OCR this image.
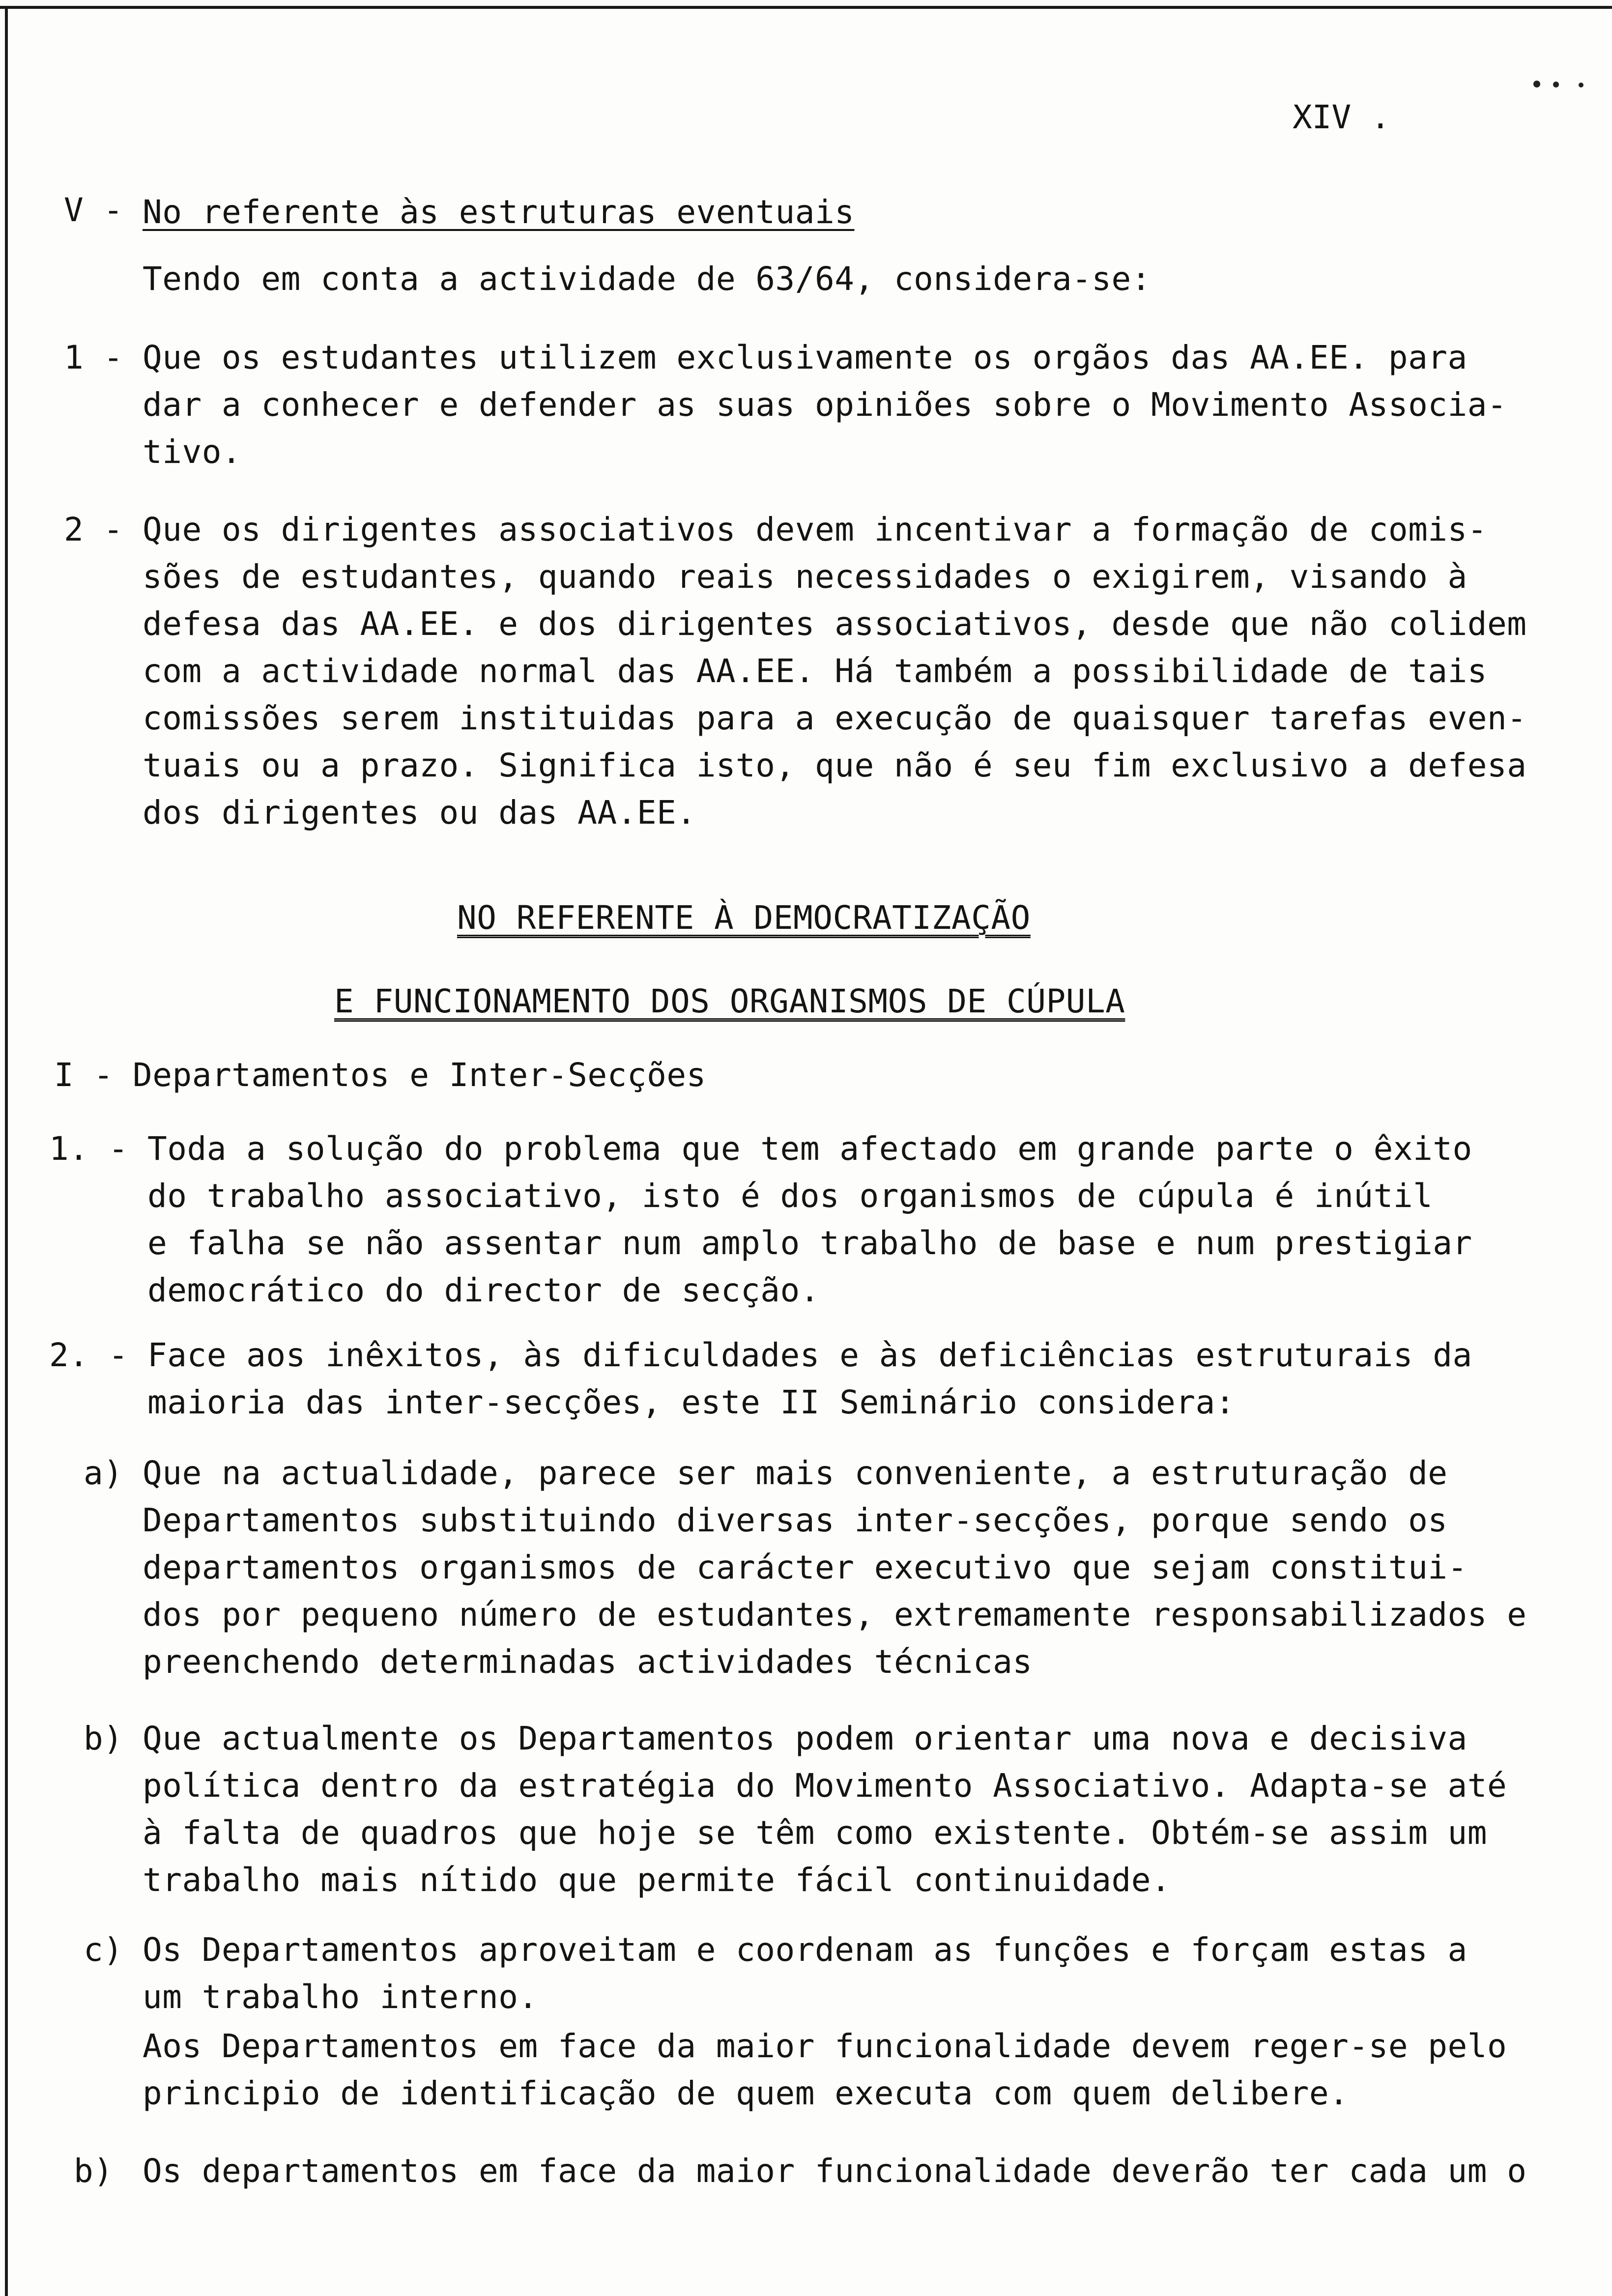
XIV .
V - No referente às estruturas eventuais
Tendo em conta a actividade de 63/64, considera-se:
1 -

Que os estudantes utilizem exclusivamente os orgãos das AA.EE. para

dar a conhecer e defender as suas opiniões sobre o Movimento Associa-

tivo.

2 -

Que os dirigentes associativos devem incentivar a formação de comis-

sões de estudantes, quando reais necessidades o exigirem, visando à

defesa das AA.EE. e dos dirigentes associativos, desde que não colidem

com a actividade normal das AA.EE. Há também a possibilidade de tais

comissões serem instituidas para a execução de quaisquer tarefas even-

tuais ou a prazo. Significa isto, que não é seu fim exclusivo a defesa

dos dirigentes ou das AA.EE.

NO REFERENTE À DEMOCRATIZAÇÃO
E FUNCIONAMENTO DOS ORGANISMOS DE CÚPULA
I - Departamentos e Inter-Secções
1. -

Toda a solução do problema que tem afectado em grande parte o êxito

do trabalho associativo, isto é dos organismos de cúpula é inútil

e falha se não assentar num amplo trabalho de base e num prestigiar

democrático do director de secção.

2. -

Face aos inêxitos, às dificuldades e às deficiências estruturais da

maioria das inter-secções, este II Seminário considera:

a)

Que na actualidade, parece ser mais conveniente, a estruturação de

Departamentos substituindo diversas inter-secções, porque sendo os

departamentos organismos de carácter executivo que sejam constitui-

dos por pequeno número de estudantes, extremamente responsabilizados e

preenchendo determinadas actividades técnicas

b)

Que actualmente os Departamentos podem orientar uma nova e decisiva

política dentro da estratégia do Movimento Associativo. Adapta-se até

à falta de quadros que hoje se têm como existente. Obtém-se assim um

trabalho mais nítido que permite fácil continuidade.

c)

Os Departamentos aproveitam e coordenam as funções e forçam estas a

um trabalho interno.

Aos Departamentos em face da maior funcionalidade devem reger-se pelo

principio de identificação de quem executa com quem delibere.

b)

Os departamentos em face da maior funcionalidade deverão ter cada um o
